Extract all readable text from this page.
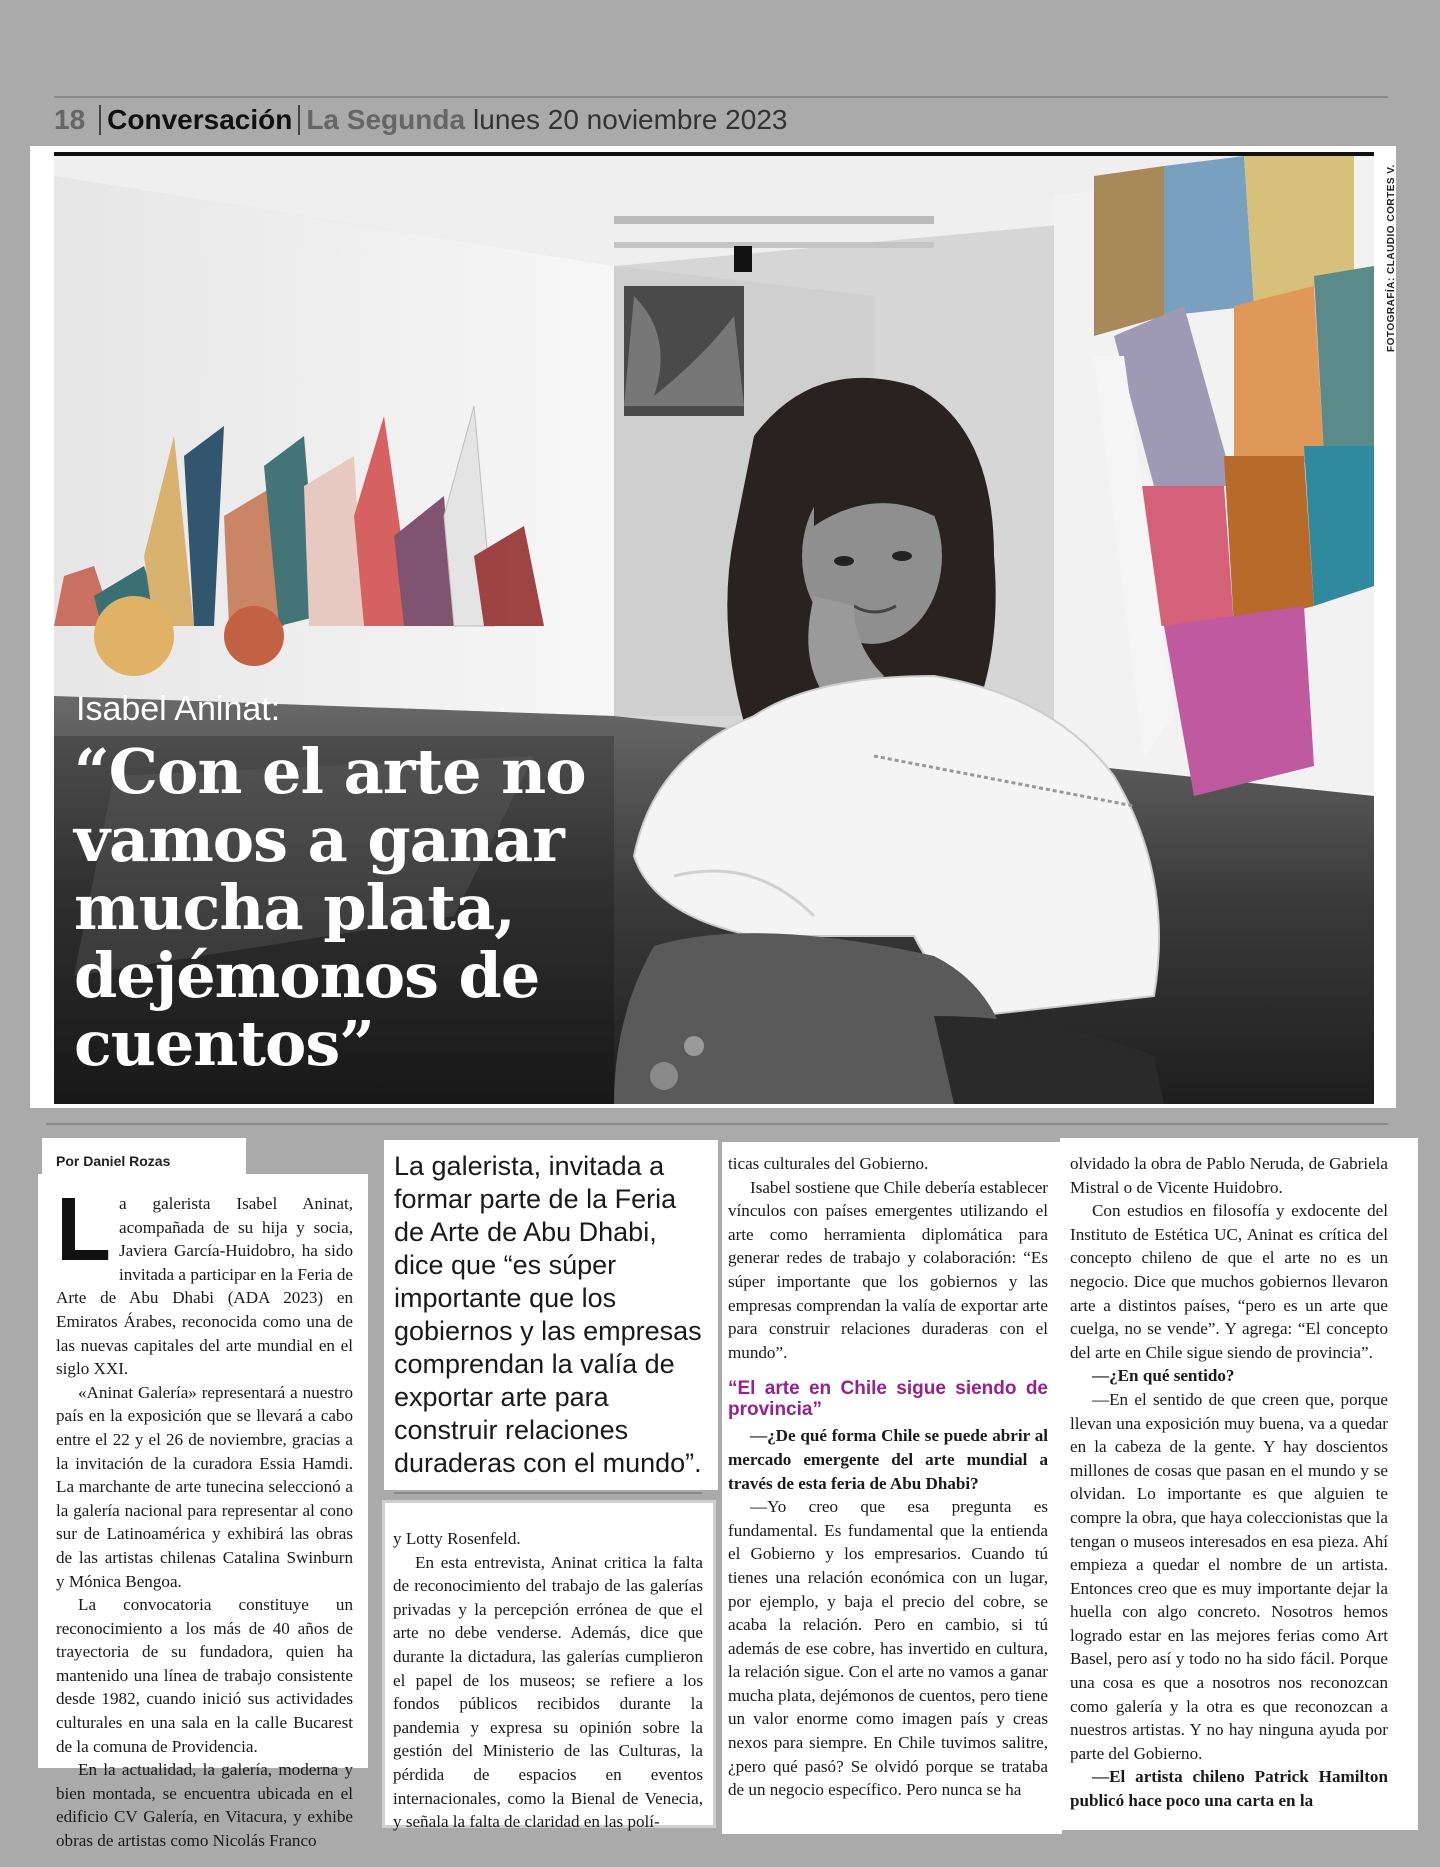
18 Conversación La Segunda lunes 20 noviembre 2023
Isabel Aninat:
“Con el arte no vamos a ganar mucha plata, dejémonos de cuentos”
FOTOGRAFÍA: CLAUDIO CORTES V.
Por Daniel Rozas

La galerista Isabel Aninat, acompañada de su hija y socia, Javiera García-Huidobro, ha sido invitada a participar en la Feria de Arte de Abu Dhabi (ADA 2023) en Emiratos Árabes, reconocida como una de las nuevas capitales del arte mundial en el siglo XXI.

«Aninat Galería» representará a nuestro país en la exposición que se llevará a cabo entre el 22 y el 26 de noviembre, gracias a la invitación de la curadora Essia Hamdi. La marchante de arte tunecina seleccionó a la galería nacional para representar al cono sur de Latinoamérica y exhibirá las obras de las artistas chilenas Catalina Swinburn y Mónica Bengoa.

La convocatoria constituye un reconocimiento a los más de 40 años de trayectoria de su fundadora, quien ha mantenido una línea de trabajo consistente desde 1982, cuando inició sus actividades culturales en una sala en la calle Bucarest de la comuna de Providencia.

En la actualidad, la galería, moderna y bien montada, se encuentra ubicada en el edificio CV Galería, en Vitacura, y exhibe obras de artistas como Nicolás Franco

La galerista, invitada a formar parte de la Feria de Arte de Abu Dhabi, dice que “es súper importante que los gobiernos y las empresas comprendan la valía de exportar arte para construir relaciones duraderas con el mundo”.

y Lotty Rosenfeld.

En esta entrevista, Aninat critica la falta de reconocimiento del trabajo de las galerías privadas y la percepción errónea de que el arte no debe venderse. Además, dice que durante la dictadura, las galerías cumplieron el papel de los museos; se refiere a los fondos públicos recibidos durante la pandemia y expresa su opinión sobre la gestión del Ministerio de las Culturas, la pérdida de espacios en eventos internacionales, como la Bienal de Venecia, y señala la falta de claridad en las polí-

ticas culturales del Gobierno.

Isabel sostiene que Chile debería establecer vínculos con países emergentes utilizando el arte como herramienta diplomática para generar redes de trabajo y colaboración: “Es súper importante que los gobiernos y las empresas comprendan la valía de exportar arte para construir relaciones duraderas con el mundo”.

“El arte en Chile sigue siendo de provincia”

—¿De qué forma Chile se puede abrir al mercado emergente del arte mundial a través de esta feria de Abu Dhabi?

—Yo creo que esa pregunta es fundamental. Es fundamental que la entienda el Gobierno y los empresarios. Cuando tú tienes una relación económica con un lugar, por ejemplo, y baja el precio del cobre, se acaba la relación. Pero en cambio, si tú además de ese cobre, has invertido en cultura, la relación sigue. Con el arte no vamos a ganar mucha plata, dejémonos de cuentos, pero tiene un valor enorme como imagen país y creas nexos para siempre. En Chile tuvimos salitre, ¿pero qué pasó? Se olvidó porque se trataba de un negocio específico. Pero nunca se ha

olvidado la obra de Pablo Neruda, de Gabriela Mistral o de Vicente Huidobro.

Con estudios en filosofía y exdocente del Instituto de Estética UC, Aninat es crítica del concepto chileno de que el arte no es un negocio. Dice que muchos gobiernos llevaron arte a distintos países, “pero es un arte que cuelga, no se vende”. Y agrega: “El concepto del arte en Chile sigue siendo de provincia”.

—¿En qué sentido?

—En el sentido de que creen que, porque llevan una exposición muy buena, va a quedar en la cabeza de la gente. Y hay doscientos millones de cosas que pasan en el mundo y se olvidan. Lo importante es que alguien te compre la obra, que haya coleccionistas que la tengan o museos interesados en esa pieza. Ahí empieza a quedar el nombre de un artista. Entonces creo que es muy importante dejar la huella con algo concreto. Nosotros hemos logrado estar en las mejores ferias como Art Basel, pero así y todo no ha sido fácil. Porque una cosa es que a nosotros nos reconozcan como galería y la otra es que reconozcan a nuestros artistas. Y no hay ninguna ayuda por parte del Gobierno.

—El artista chileno Patrick Hamilton publicó hace poco una carta en la
